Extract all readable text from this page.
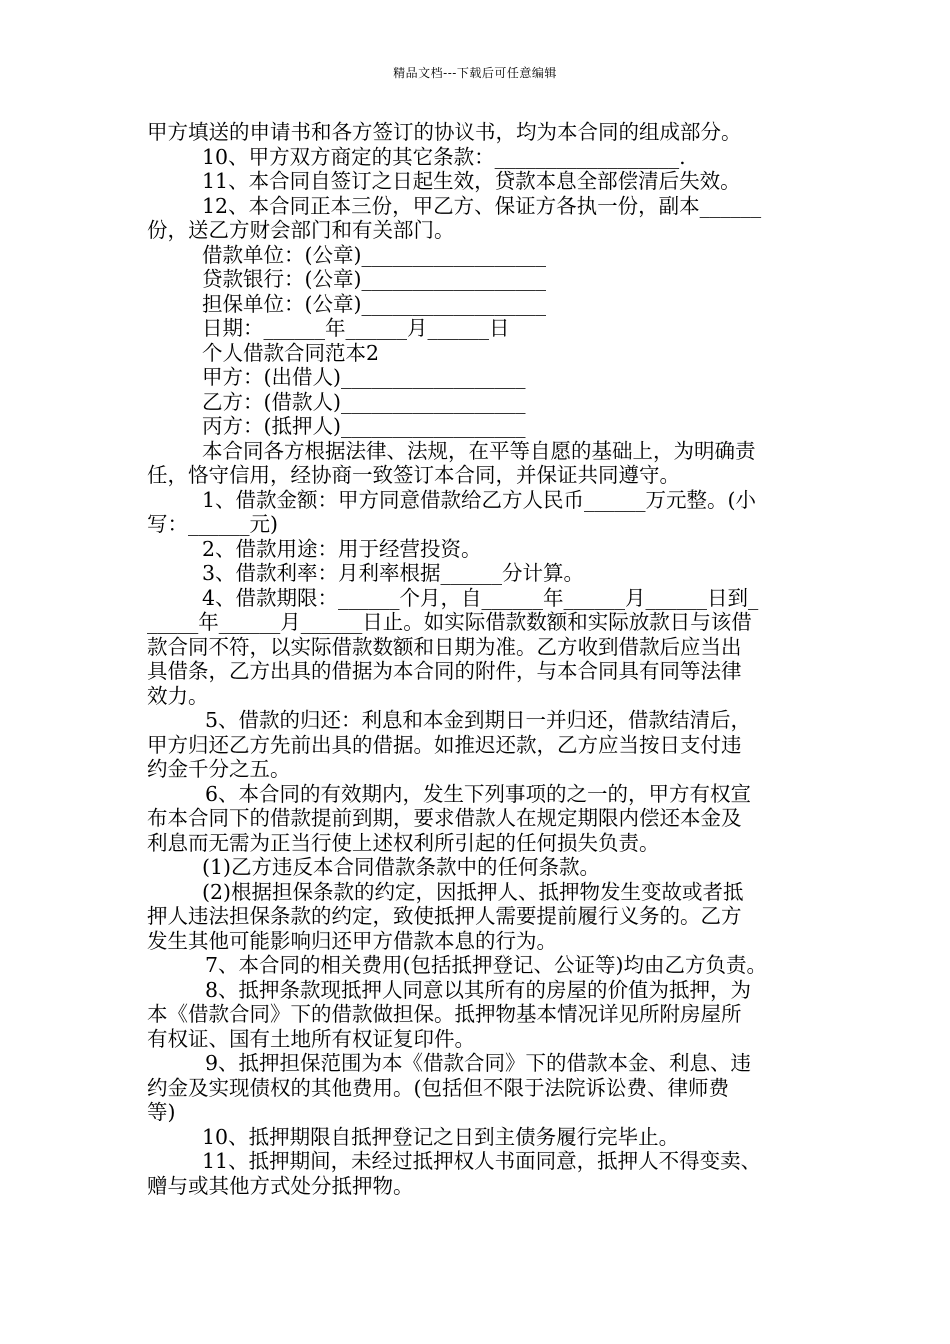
精品文档---下载后可任意编辑
甲方填送的申请书和各方签订的协议书，均为本合同的组成部分。
10、甲方双方商定的其它条款：__________________.
11、本合同自签订之日起生效，贷款本息全部偿清后失效。
12、本合同正本三份，甲乙方、保证方各执一份，副本______
份，送乙方财会部门和有关部门。
借款单位：(公章)__________________
贷款银行：(公章)__________________
担保单位：(公章)__________________
日期：______年______月______日
个人借款合同范本2
甲方：(出借人)__________________
乙方：(借款人)__________________
丙方：(抵押人)__________________
本合同各方根据法律、法规，在平等自愿的基础上，为明确责
任，恪守信用，经协商一致签订本合同，并保证共同遵守。
1、借款金额：甲方同意借款给乙方人民币______万元整。(小
写：______元)
2、借款用途：用于经营投资。
3、借款利率：月利率根据______分计算。
4、借款期限：______个月，自______年______月______日到_
_____年______月______日止。如实际借款数额和实际放款日与该借
款合同不符，以实际借款数额和日期为准。乙方收到借款后应当出
具借条，乙方出具的借据为本合同的附件，与本合同具有同等法律
效力。
5、借款的归还：利息和本金到期日一并归还，借款结清后，
甲方归还乙方先前出具的借据。如推迟还款，乙方应当按日支付违
约金千分之五。
6、本合同的有效期内，发生下列事项的之一的，甲方有权宣
布本合同下的借款提前到期，要求借款人在规定期限内偿还本金及
利息而无需为正当行使上述权利所引起的任何损失负责。
(1)乙方违反本合同借款条款中的任何条款。
(2)根据担保条款的约定，因抵押人、抵押物发生变故或者抵
押人违法担保条款的约定，致使抵押人需要提前履行义务的。乙方
发生其他可能影响归还甲方借款本息的行为。
7、本合同的相关费用(包括抵押登记、公证等)均由乙方负责。
8、抵押条款现抵押人同意以其所有的房屋的价值为抵押，为
本《借款合同》下的借款做担保。抵押物基本情况详见所附房屋所
有权证、国有土地所有权证复印件。
9、抵押担保范围为本《借款合同》下的借款本金、利息、违
约金及实现债权的其他费用。(包括但不限于法院诉讼费、律师费
等)
10、抵押期限自抵押登记之日到主债务履行完毕止。
11、抵押期间，未经过抵押权人书面同意，抵押人不得变卖、
赠与或其他方式处分抵押物。
